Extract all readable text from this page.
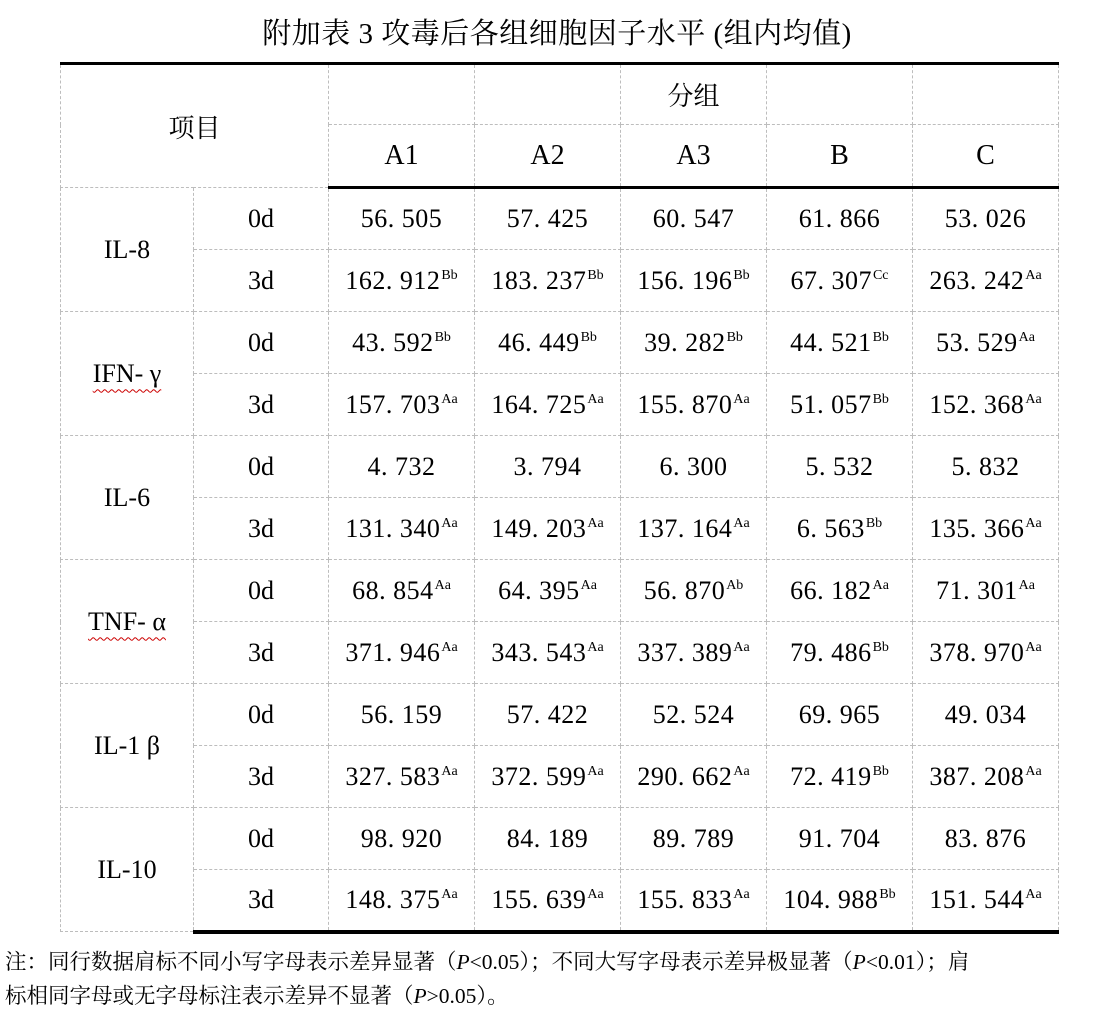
附加表 3 攻毒后各组细胞因子水平 (组内均值)
项目				分组		
		A1	A2	A3	B	C
IL-8	0d	56. 505	57. 425	60. 547	61. 866	53. 026
	3d	162. $912^{Bb}$	183. $237^{Bb}$	156. $196^{Bb}$	67. $307^{Cc}$	263. $242^{Aa}$
IFN- γ	0d	43. $592^{Bb}$	46. $449^{Bb}$	39. $282^{Bb}$	44. $521^{Bb}$	53. $529^{Aa}$
	3d	157. $703^{Aa}$	164. $725^{Aa}$	155. $870^{Aa}$	51. $057^{Bb}$	152. $368^{Aa}$
IL-6	0d	4. 732	3. 794	6. 300	5. 532	5. 832
	3d	131. $340^{Aa}$	149. $203^{Aa}$	137. $164^{Aa}$	6. $563^{Bb}$	135. $366^{Aa}$
TNF- α	0d	68. $854^{Aa}$	64. $395^{Aa}$	56. $870^{Ab}$	66. $182^{Aa}$	71. $301^{Aa}$
	3d	371. $946^{Aa}$	343. $543^{Aa}$	337. $389^{Aa}$	79. $486^{Bb}$	378. $970^{Aa}$
IL-1 β	0d	56. 159	57. 422	52. 524	69. 965	49. 034
	3d	327. $583^{Aa}$	372. $599^{Aa}$	290. $662^{Aa}$	72. $419^{Bb}$	387. $208^{Aa}$
IL-10	0d	98. 920	84. 189	89. 789	91. 704	83. 876
	3d	148. $375^{Aa}$	155. $639^{Aa}$	155. $833^{Aa}$	104. $988^{Bb}$	151. $544^{Aa}$
注：同行数据肩标不同小写字母表示差异显著（P<0.05）；不同大写字母表示差异极显著（P<0.01）；肩
标相同字母或无字母标注表示差异不显著（P>0.05）。
